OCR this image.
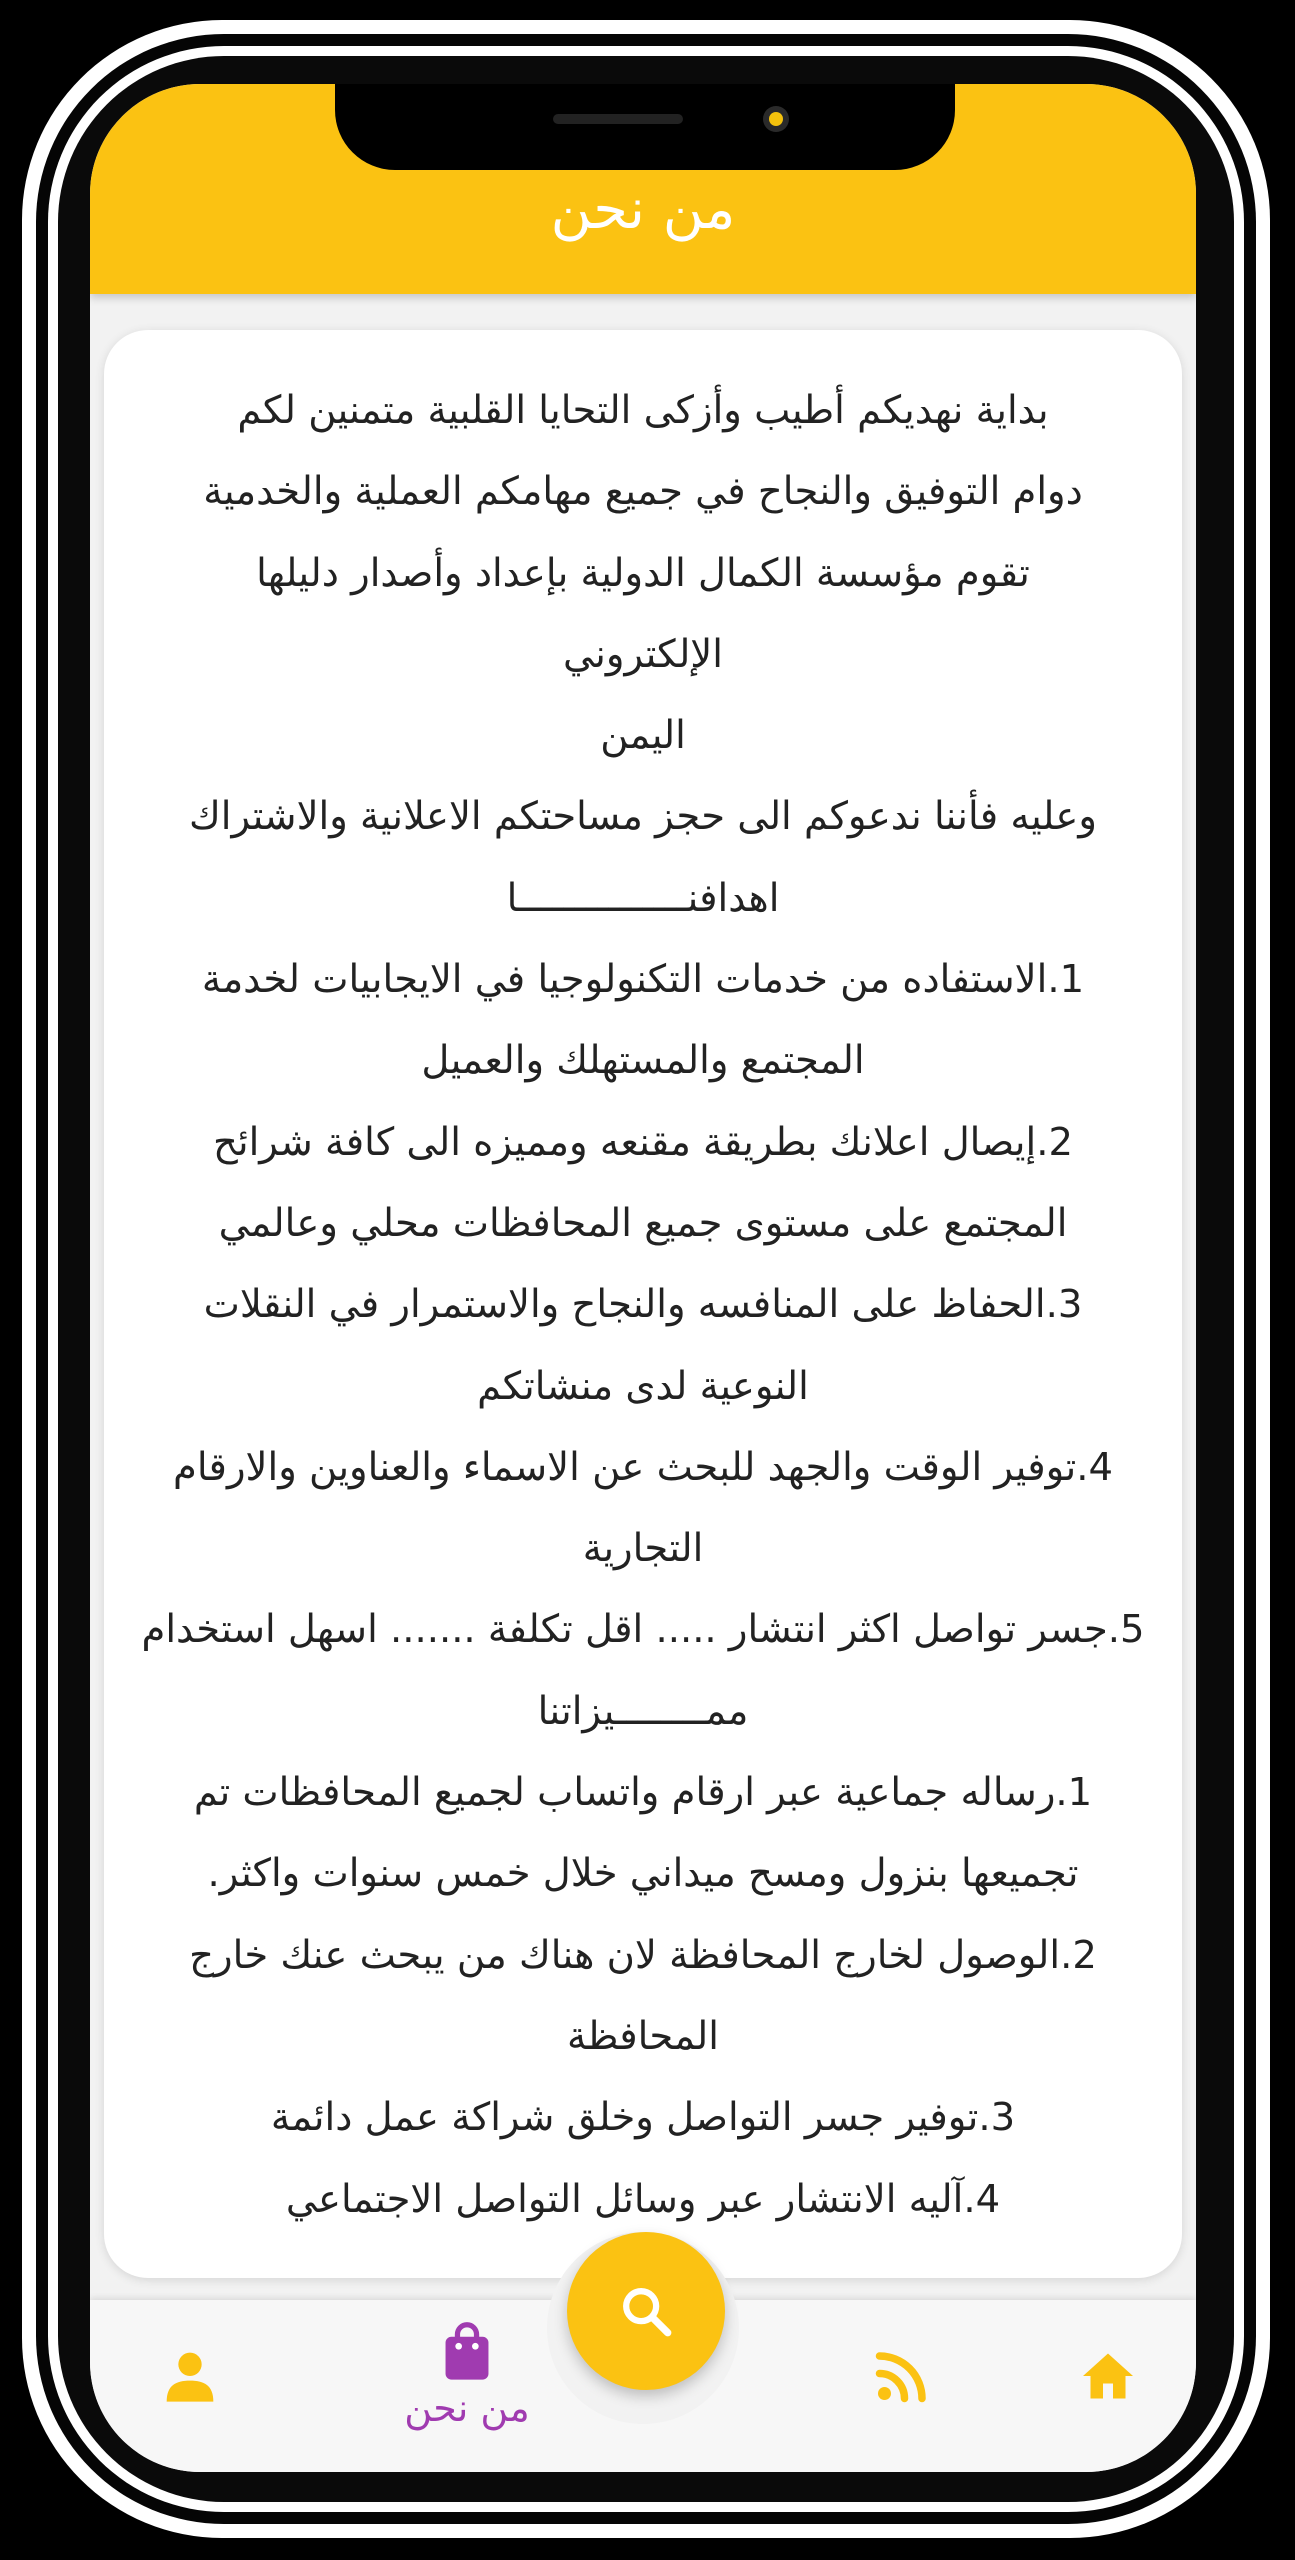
من نحن
بداية نهديكم أطيب وأزكى التحايا القلبية متمنين لكم
دوام التوفيق والنجاح في جميع مهامكم العملية والخدمية
تقوم مؤسسة الكمال الدولية بإعداد وأصدار دليلها
الإلكتروني
اليمن
وعليه فأننا ندعوكم الى حجز مساحتكم الاعلانية والاشتراك
اهدافنـــــــــــــــا
1.الاستفاده من خدمات التكنولوجيا في الايجابيات لخدمة
المجتمع والمستهلك والعميل
2.إيصال اعلانك بطريقة مقنعه ومميزه الى كافة شرائح
المجتمع على مستوى جميع المحافظات محلي وعالمي
3.الحفاظ على المنافسه والنجاح والاستمرار في النقلات
النوعية لدى منشاتكم
4.توفير الوقت والجهد للبحث عن الاسماء والعناوين والارقام
التجارية
5.جسر تواصل اكثر انتشار ..... اقل تكلفة ....... اسهل استخدام
ممــــــــيزاتنا
1.رساله جماعية عبر ارقام واتساب لجميع المحافظات تم
تجميعها بنزول ومسح ميداني خلال خمس سنوات واكثر.
2.الوصول لخارج المحافظة لان هناك من يبحث عنك خارج
المحافظة
3.توفير جسر التواصل وخلق شراكة عمل دائمة
4.آليه الانتشار عبر وسائل التواصل الاجتماعي
من نحن
